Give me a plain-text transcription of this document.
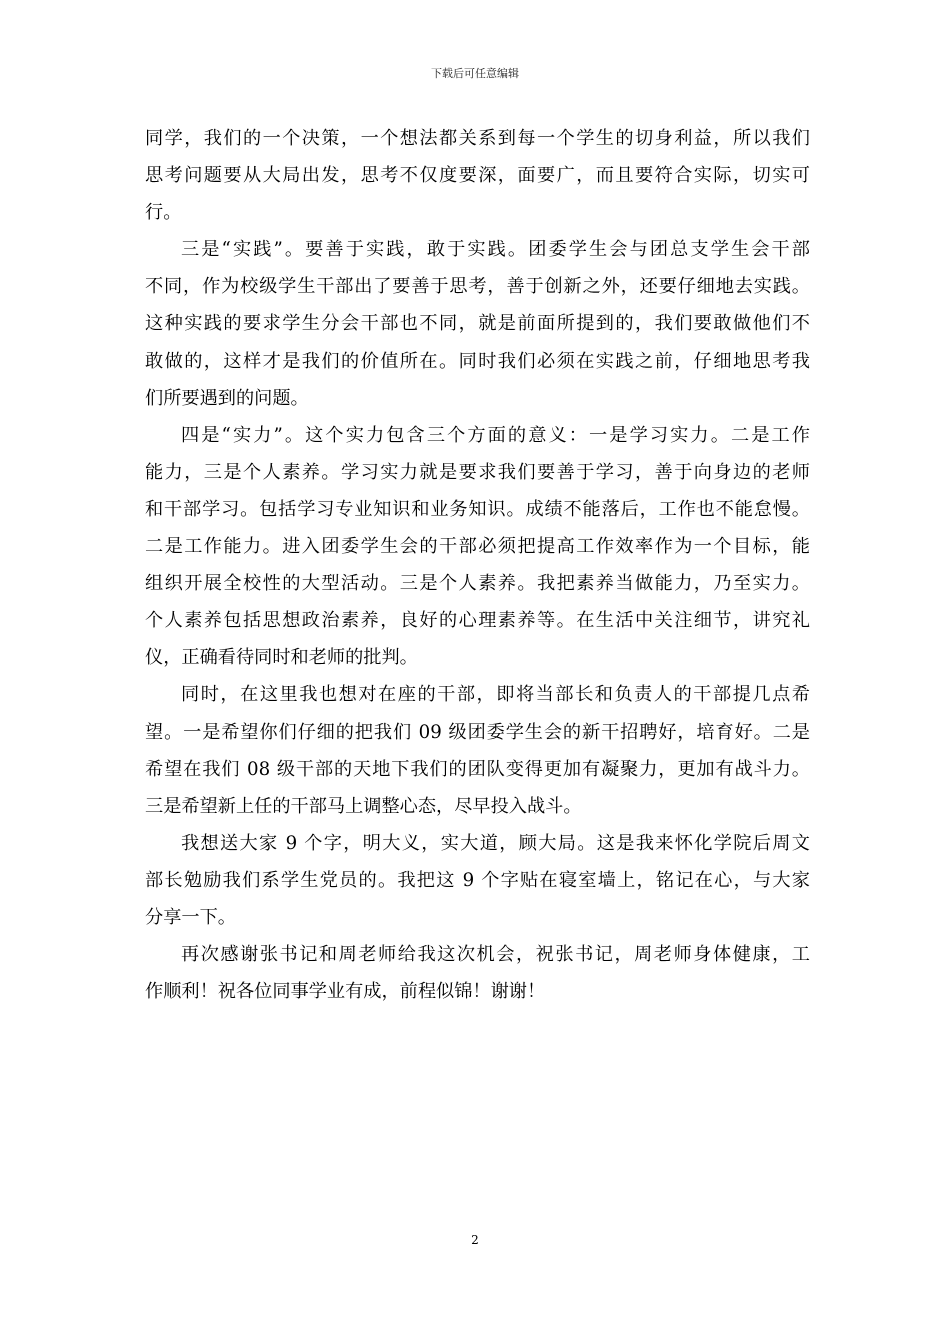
下载后可任意编辑

同学，我们的一个决策，一个想法都关系到每一个学生的切身利益，所以我们
思考问题要从大局出发，思考不仅度要深，面要广，而且要符合实际，切实可
行。

三是“实践”。要善于实践，敢于实践。团委学生会与团总支学生会干部
不同，作为校级学生干部出了要善于思考，善于创新之外，还要仔细地去实践。
这种实践的要求学生分会干部也不同，就是前面所提到的，我们要敢做他们不
敢做的，这样才是我们的价值所在。同时我们必须在实践之前，仔细地思考我
们所要遇到的问题。

四是“实力”。这个实力包含三个方面的意义：一是学习实力。二是工作
能力，三是个人素养。学习实力就是要求我们要善于学习，善于向身边的老师
和干部学习。包括学习专业知识和业务知识。成绩不能落后，工作也不能怠慢。
二是工作能力。进入团委学生会的干部必须把提高工作效率作为一个目标，能
组织开展全校性的大型活动。三是个人素养。我把素养当做能力，乃至实力。
个人素养包括思想政治素养，良好的心理素养等。在生活中关注细节，讲究礼
仪，正确看待同时和老师的批判。

同时，在这里我也想对在座的干部，即将当部长和负责人的干部提几点希
望。一是希望你们仔细的把我们 09 级团委学生会的新干招聘好，培育好。二是
希望在我们 08 级干部的天地下我们的团队变得更加有凝聚力，更加有战斗力。
三是希望新上任的干部马上调整心态，尽早投入战斗。

我想送大家 9 个字，明大义，实大道，顾大局。这是我来怀化学院后周文
部长勉励我们系学生党员的。我把这 9 个字贴在寝室墙上，铭记在心，与大家
分享一下。

再次感谢张书记和周老师给我这次机会，祝张书记，周老师身体健康，工
作顺利！祝各位同事学业有成，前程似锦！谢谢！

2
